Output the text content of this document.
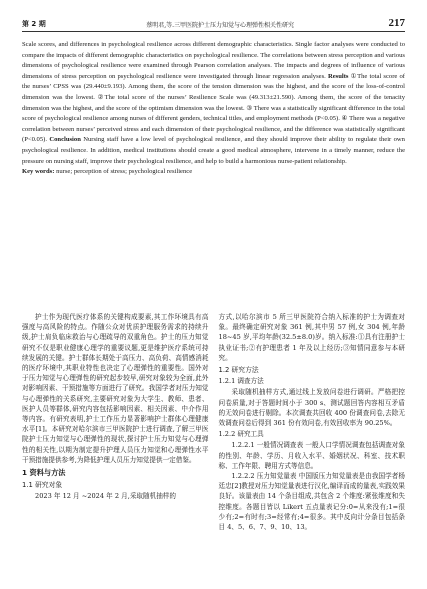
第 2 期	蔡明君,等.三甲医院护士压力知觉与心理弹性相关性研究	217

Scale scores, and differences in psychological resilience across different demographic characteristics. Single factor analyses were conducted to compare the impacts of different demographic characteristics on psychological resilience. The correlations between stress perception and various dimensions of psychological resilience were examined through Pearson correlation analyses. The impacts and degrees of influence of various dimensions of stress perception on psychological resilience were investigated through linear regression analyses. Results ①The total score of the nurses’ CPSS was (29.440±9.193). Among them, the score of the tension dimension was the highest, and the score of the loss-of-control dimension was the lowest. ②The total score of the nurses’ Resilience Scale was (49.313±21.590). Among them, the score of the tenacity dimension was the highest, and the score of the optimism dimension was the lowest. ③ There was a statistically significant difference in the total score of psychological resilience among nurses of different genders, technical titles, and employment methods (P<0.05). ④ There was a negative correlation between nurses’ perceived stress and each dimension of their psychological resilience, and the difference was statistically significant (P<0.05). Conclusion Nursing staff have a low level of psychological resilience, and they should improve their ability to regulate their own psychological resilience. In addition, medical institutions should create a good medical atmosphere, intervene in a timely manner, reduce the pressure on nursing staff, improve their psychological resilience, and help to build a harmonious nurse-patient relationship.

Key words: nurse; perception of stress; psychological resilience

护士作为现代医疗体系的关键构成要素,其工作环境具有高强度与高风险的特点。作随公众对优质护理服务需求的持续升级,护士肩负临床救治与心理疏导的双重角色。护士的压力知觉研究不仅是职业健康心理学的重要议题,更是维护医疗系统可持续发展的关键。护士群体长期处于高压力、高负荷、高情感消耗的医疗环境中,其职业特性也决定了心理弹性的重要性。国外对于压力知觉与心理弹性的研究起步较早,研究对象较为全面,此外对影响因素、干预措施等方面进行了研究。我国学者对压力知觉与心理弹性的关系研究,主要研究对象为大学生、教师、患者、医护人员等群体,研究内容包括影响因素、相关因素、中介作用等内容。有研究表明,护士工作压力显著影响护士群体心理健康水平[1]。本研究对哈尔滨市三甲医院护士进行调查,了解三甲医院护士压力知觉与心理弹性的现状,探讨护士压力知觉与心理弹性的相关性,以期为制定提升护理人员压力知觉和心理弹性水平干预措施提供参考,为降低护理人员压力知觉提供一定借鉴。

1 资料与方法
1.1 研究对象

2023 年 12 月 ~2024 年 2 月,采取随机抽样的

方式,以哈尔滨市 5 所三甲医院符合纳入标准的护士为调查对象。最终确定研究对象 361 例,其中男 57 例,女 304 例,年龄 18~45 岁,平均年龄(32.5±8.0)岁。纳入标准:①具有注册护士执业证书;②有护理患者 1 年及以上经历;③知情同意参与本研究。

1.2 研究方法
1.2.1 调查方法

采取随机抽样方式,通过线上发放问卷进行调研。严格把控问卷质量,对于答题时间小于 300 s、测试题回答内容相互矛盾的无效问卷进行剔除。本次调查共回收 400 份调查问卷,去除无效调查问卷后得到 361 份有效问卷,有效回收率为 90.25%。

1.2.2 研究工具

1.2.2.1 一般情况调查表 一般人口学情况调查包括调查对象的性别、年龄、学历、月收入水平、婚姻状况、科室、技术职称、工作年限、聘用方式等信息。

1.2.2.2 压力知觉量表 中国版压力知觉量表是由我国学者杨廷忠[2]教授对压力知觉量表进行汉化,编译而成的量表,实践效果良好。该量表由 14 个条目组成,共包含 2 个维度:紧张维度和失控维度。各题目皆以 Likert 五点量表记分:0=从来没有;1=很少有;2=有时有;3=经常有;4=很多。其中反向计分条目包括条目 4、5、6、7、9、10、13。
